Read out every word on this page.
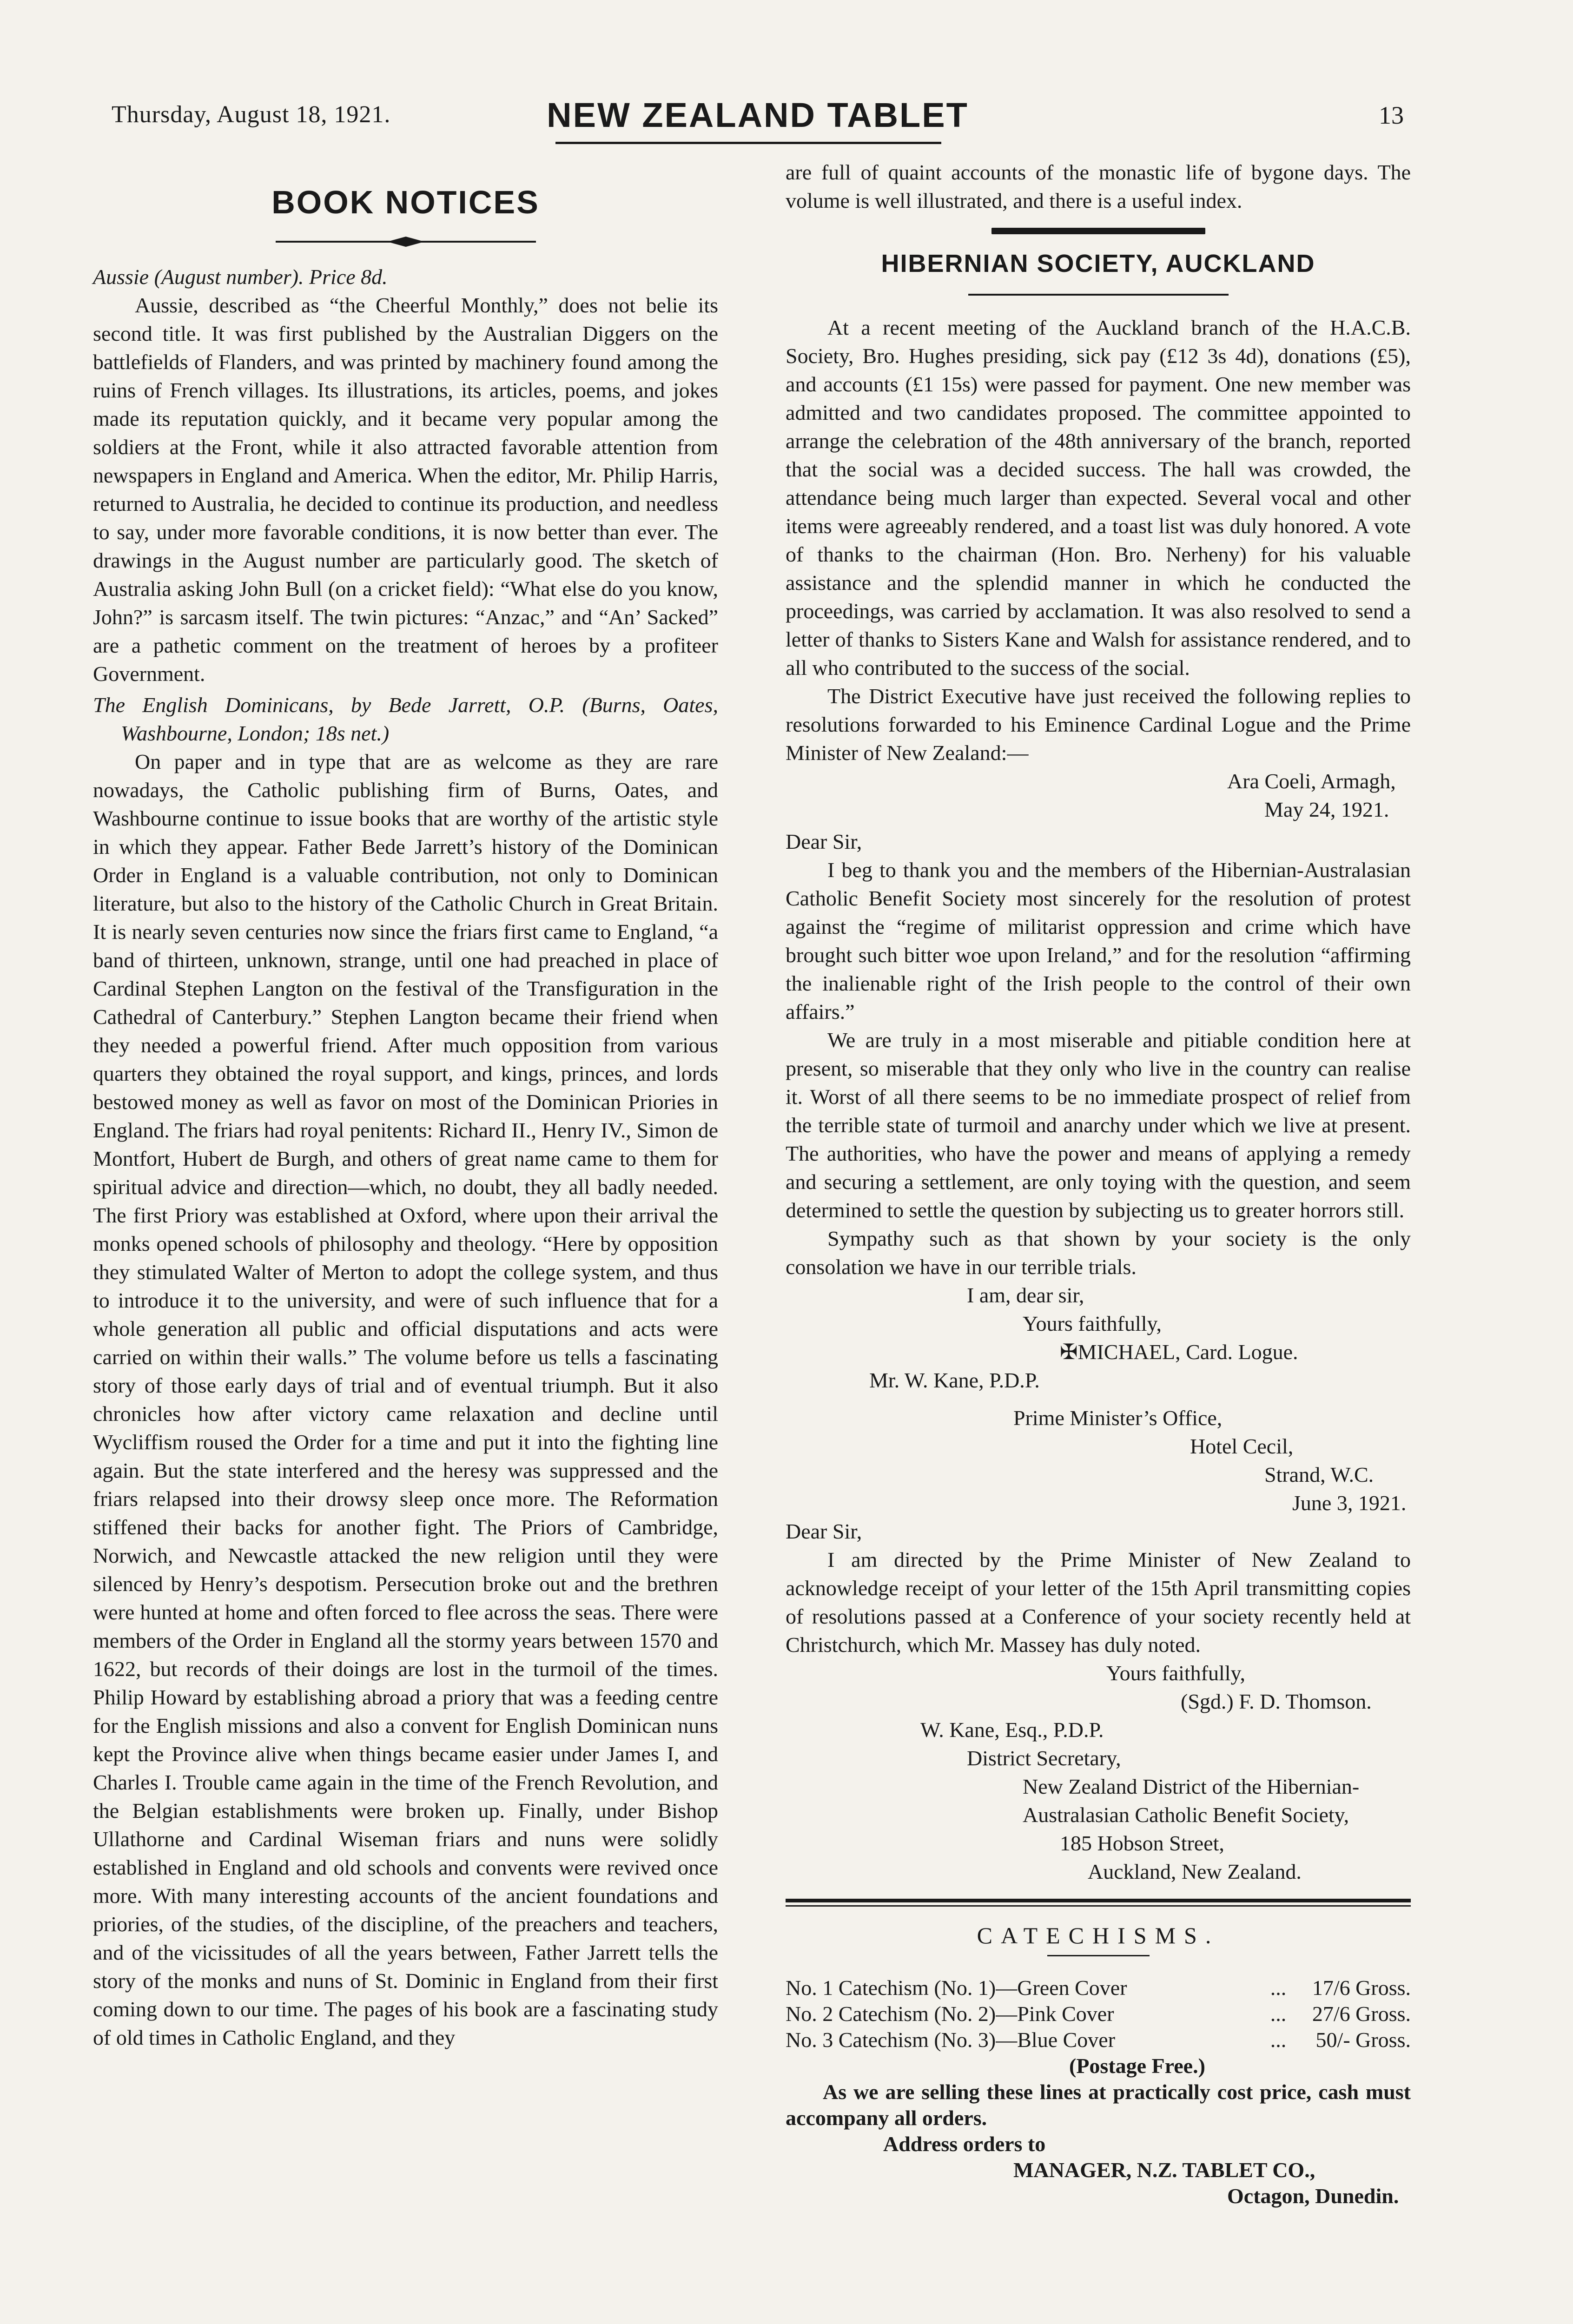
Thursday, August 18, 1921.	NEW ZEALAND TABLET	13
BOOK NOTICES

Aussie (August number). Price 8d.

Aussie, described as “the Cheerful Monthly,” does not belie its second title. It was first published by the Australian Diggers on the battlefields of Flanders, and was printed by machinery found among the ruins of French villages. Its illustrations, its articles, poems, and jokes made its reputation quickly, and it became very popular among the soldiers at the Front, while it also attracted favorable attention from newspapers in England and America. When the editor, Mr. Philip Harris, returned to Australia, he decided to continue its production, and needless to say, under more favorable conditions, it is now better than ever. The drawings in the August number are particularly good. The sketch of Australia asking John Bull (on a cricket field): “What else do you know, John?” is sarcasm itself. The twin pictures: “Anzac,” and “An’ Sacked” are a pathetic comment on the treatment of heroes by a profiteer Government.

The English Dominicans, by Bede Jarrett, O.P. (Burns, Oates, Washbourne, London; 18s net.)

On paper and in type that are as welcome as they are rare nowadays, the Catholic publishing firm of Burns, Oates, and Washbourne continue to issue books that are worthy of the artistic style in which they appear. Father Bede Jarrett’s history of the Dominican Order in England is a valuable contribution, not only to Dominican literature, but also to the history of the Catholic Church in Great Britain. It is nearly seven centuries now since the friars first came to England, “a band of thirteen, unknown, strange, until one had preached in place of Cardinal Stephen Langton on the festival of the Transfiguration in the Cathedral of Canterbury.” Stephen Langton became their friend when they needed a powerful friend. After much opposition from various quarters they obtained the royal support, and kings, princes, and lords bestowed money as well as favor on most of the Dominican Priories in England. The friars had royal penitents: Richard II., Henry IV., Simon de Montfort, Hubert de Burgh, and others of great name came to them for spiritual advice and direction—which, no doubt, they all badly needed. The first Priory was established at Oxford, where upon their arrival the monks opened schools of philosophy and theology. “Here by opposition they stimulated Walter of Merton to adopt the college system, and thus to introduce it to the university, and were of such influence that for a whole generation all public and official disputations and acts were carried on within their walls.” The volume before us tells a fascinating story of those early days of trial and of eventual triumph. But it also chronicles how after victory came relaxation and decline until Wycliffism roused the Order for a time and put it into the fighting line again. But the state interfered and the heresy was suppressed and the friars relapsed into their drowsy sleep once more. The Reformation stiffened their backs for another fight. The Priors of Cambridge, Norwich, and Newcastle attacked the new religion until they were silenced by Henry’s despotism. Persecution broke out and the brethren were hunted at home and often forced to flee across the seas. There were members of the Order in England all the stormy years between 1570 and 1622, but records of their doings are lost in the turmoil of the times. Philip Howard by establishing abroad a priory that was a feeding centre for the English missions and also a convent for English Dominican nuns kept the Province alive when things became easier under James I, and Charles I. Trouble came again in the time of the French Revolution, and the Belgian establishments were broken up. Finally, under Bishop Ullathorne and Cardinal Wiseman friars and nuns were solidly established in England and old schools and convents were revived once more. With many interesting accounts of the ancient foundations and priories, of the studies, of the discipline, of the preachers and teachers, and of the vicissitudes of all the years between, Father Jarrett tells the story of the monks and nuns of St. Dominic in England from their first coming down to our time. The pages of his book are a fascinating study of old times in Catholic England, and they

are full of quaint accounts of the monastic life of bygone days. The volume is well illustrated, and there is a useful index.

HIBERNIAN SOCIETY, AUCKLAND

At a recent meeting of the Auckland branch of the H.A.C.B. Society, Bro. Hughes presiding, sick pay (£12 3s 4d), donations (£5), and accounts (£1 15s) were passed for payment. One new member was admitted and two candidates proposed. The committee appointed to arrange the celebration of the 48th anniversary of the branch, reported that the social was a decided success. The hall was crowded, the attendance being much larger than expected. Several vocal and other items were agreeably rendered, and a toast list was duly honored. A vote of thanks to the chairman (Hon. Bro. Nerheny) for his valuable assistance and the splendid manner in which he conducted the proceedings, was carried by acclamation. It was also resolved to send a letter of thanks to Sisters Kane and Walsh for assistance rendered, and to all who contributed to the success of the social.

The District Executive have just received the following replies to resolutions forwarded to his Eminence Cardinal Logue and the Prime Minister of New Zealand:—

Ara Coeli, Armagh,

May 24, 1921.

Dear Sir,

I beg to thank you and the members of the Hibernian-Australasian Catholic Benefit Society most sincerely for the resolution of protest against the “regime of militarist oppression and crime which have brought such bitter woe upon Ireland,” and for the resolution “affirming the inalienable right of the Irish people to the control of their own affairs.”

We are truly in a most miserable and pitiable condition here at present, so miserable that they only who live in the country can realise it. Worst of all there seems to be no immediate prospect of relief from the terrible state of turmoil and anarchy under which we live at present. The authorities, who have the power and means of applying a remedy and securing a settlement, are only toying with the question, and seem determined to settle the question by subjecting us to greater horrors still.

Sympathy such as that shown by your society is the only consolation we have in our terrible trials.

I am, dear sir,

Yours faithfully,

✠MICHAEL, Card. Logue.

Mr. W. Kane, P.D.P.

Prime Minister’s Office,

Hotel Cecil,

Strand, W.C.

June 3, 1921.

Dear Sir,

I am directed by the Prime Minister of New Zealand to acknowledge receipt of your letter of the 15th April transmitting copies of resolutions passed at a Conference of your society recently held at Christchurch, which Mr. Massey has duly noted.

Yours faithfully,

(Sgd.) F. D. Thomson.

W. Kane, Esq., P.D.P.

District Secretary,

New Zealand District of the Hibernian-

Australasian Catholic Benefit Society,

185 Hobson Street,

Auckland, New Zealand.

CATECHISMS.
No. 1 Catechism (No. 1)—Green Cover	...	17/6 Gross.
No. 2 Catechism (No. 2)—Pink Cover	...	27/6 Gross.
No. 3 Catechism (No. 3)—Blue Cover	...	50/- Gross.

(Postage Free.)

As we are selling these lines at practically cost price, cash must accompany all orders.

Address orders to

MANAGER, N.Z. TABLET CO.,

Octagon, Dunedin.
